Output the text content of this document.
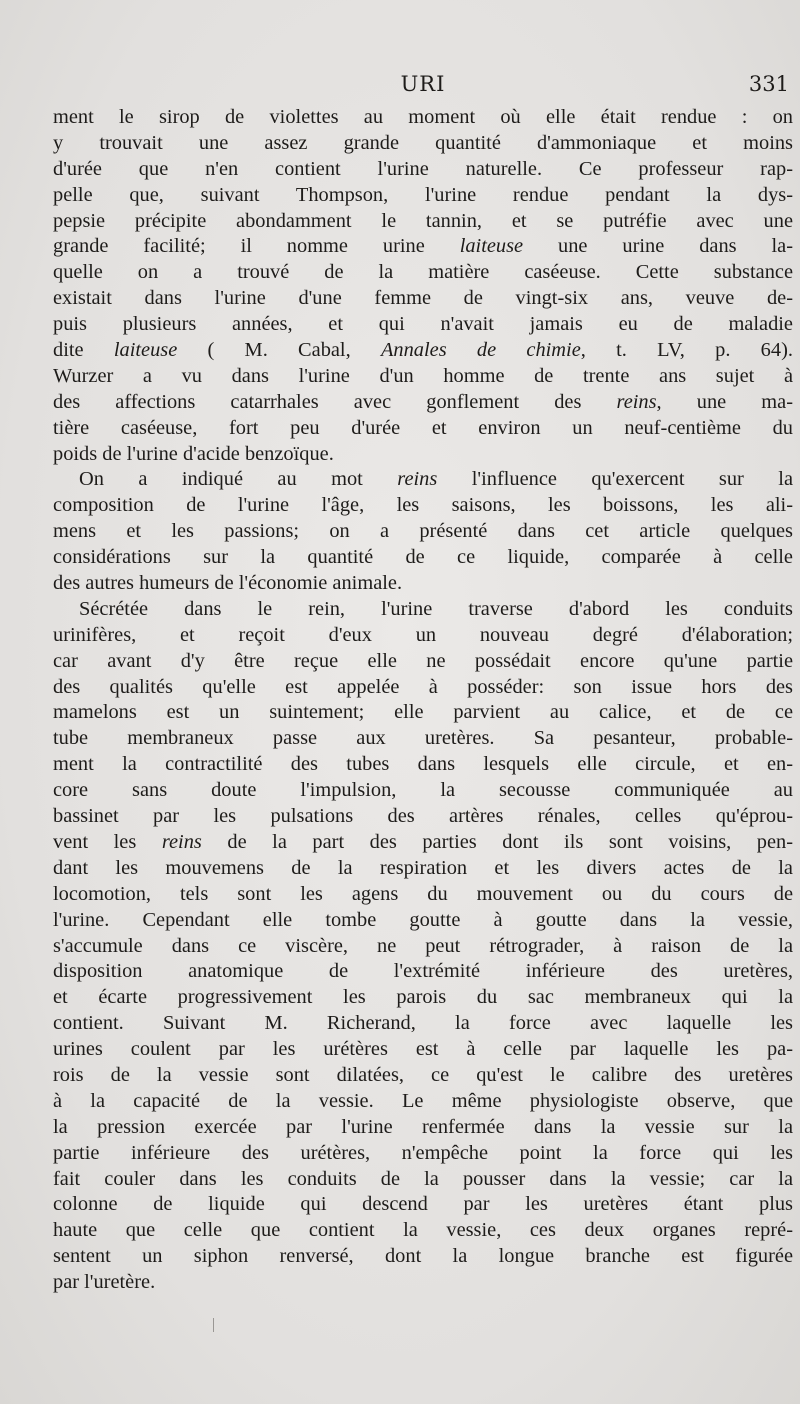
URI	331
ment le sirop de violettes au moment où elle était rendue : on
y trouvait une assez grande quantité d'ammoniaque et moins
d'urée que n'en contient l'urine naturelle. Ce professeur rap-
pelle que, suivant Thompson, l'urine rendue pendant la dys-
pepsie précipite abondamment le tannin, et se putréfie avec une
grande facilité; il nomme urine laiteuse une urine dans la-
quelle on a trouvé de la matière caséeuse. Cette substance
existait dans l'urine d'une femme de vingt-six ans, veuve de-
puis plusieurs années, et qui n'avait jamais eu de maladie
dite laiteuse ( M. Cabal, Annales de chimie, t. LV, p. 64).
Wurzer a vu dans l'urine d'un homme de trente ans sujet à
des affections catarrhales avec gonflement des reins, une ma-
tière caséeuse, fort peu d'urée et environ un neuf-centième du
poids de l'urine d'acide benzoïque.
On a indiqué au mot reins l'influence qu'exercent sur la
composition de l'urine l'âge, les saisons, les boissons, les ali-
mens et les passions; on a présenté dans cet article quelques
considérations sur la quantité de ce liquide, comparée à celle
des autres humeurs de l'économie animale.
Sécrétée dans le rein, l'urine traverse d'abord les conduits
urinifères, et reçoit d'eux un nouveau degré d'élaboration;
car avant d'y être reçue elle ne possédait encore qu'une partie
des qualités qu'elle est appelée à posséder: son issue hors des
mamelons est un suintement; elle parvient au calice, et de ce
tube membraneux passe aux uretères. Sa pesanteur, probable-
ment la contractilité des tubes dans lesquels elle circule, et en-
core sans doute l'impulsion, la secousse communiquée au
bassinet par les pulsations des artères rénales, celles qu'éprou-
vent les reins de la part des parties dont ils sont voisins, pen-
dant les mouvemens de la respiration et les divers actes de la
locomotion, tels sont les agens du mouvement ou du cours de
l'urine. Cependant elle tombe goutte à goutte dans la vessie,
s'accumule dans ce viscère, ne peut rétrograder, à raison de la
disposition anatomique de l'extrémité inférieure des uretères,
et écarte progressivement les parois du sac membraneux qui la
contient. Suivant M. Richerand, la force avec laquelle les
urines coulent par les urétères est à celle par laquelle les pa-
rois de la vessie sont dilatées, ce qu'est le calibre des uretères
à la capacité de la vessie. Le même physiologiste observe, que
la pression exercée par l'urine renfermée dans la vessie sur la
partie inférieure des urétères, n'empêche point la force qui les
fait couler dans les conduits de la pousser dans la vessie; car la
colonne de liquide qui descend par les uretères étant plus
haute que celle que contient la vessie, ces deux organes repré-
sentent un siphon renversé, dont la longue branche est figurée
par l'uretère.
